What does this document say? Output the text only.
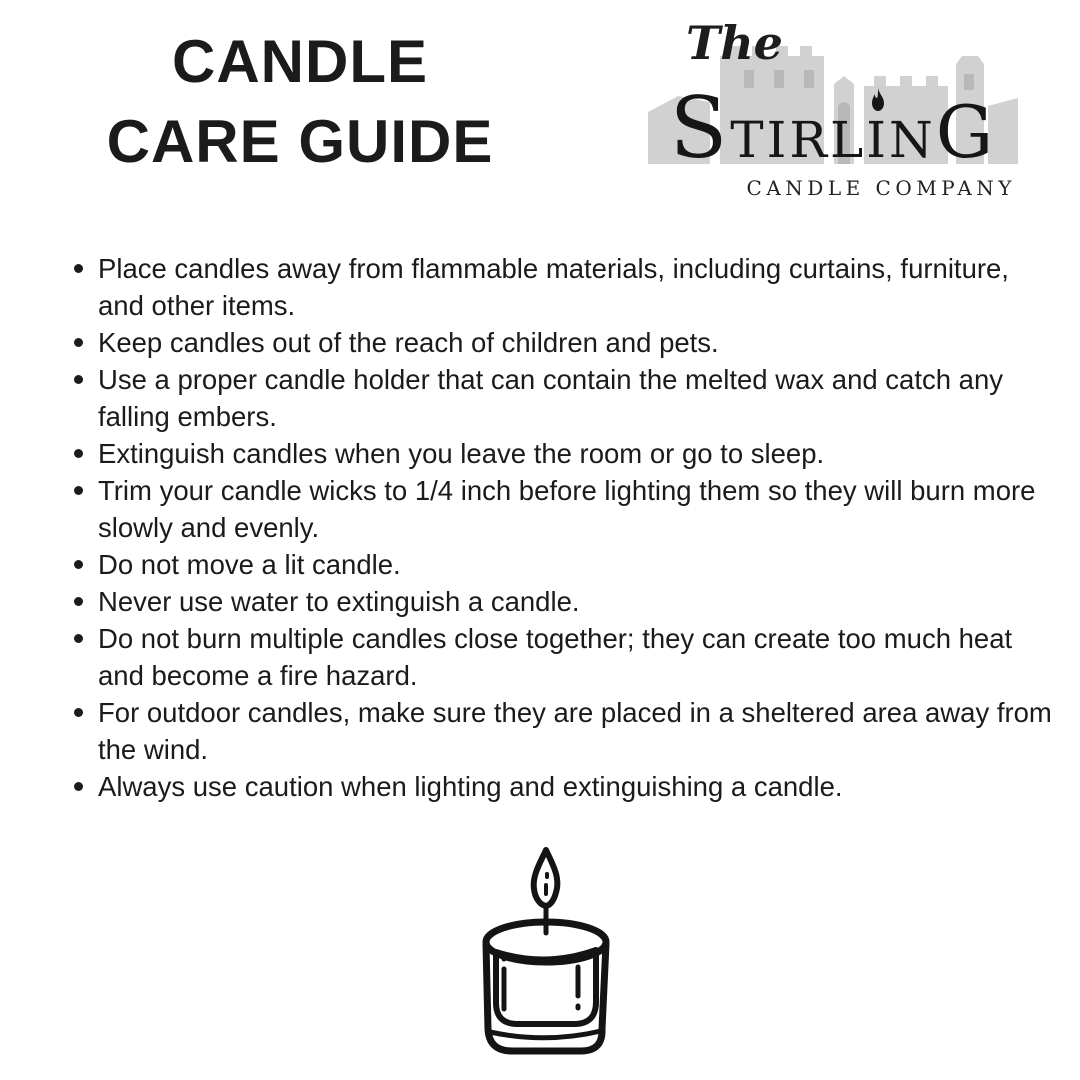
CANDLE
CARE GUIDE
The
S TIRL I N G
CANDLE COMPANY
Place candles away from flammable materials, including curtains, furniture, and other items.
Keep candles out of the reach of children and pets.
Use a proper candle holder that can contain the melted wax and catch any falling embers.
Extinguish candles when you leave the room or go to sleep.
Trim your candle wicks to 1/4 inch before lighting them so they will burn more slowly and evenly.
Do not move a lit candle.
Never use water to extinguish a candle.
Do not burn multiple candles close together; they can create too much heat and become a fire hazard.
For outdoor candles, make sure they are placed in a sheltered area away from the wind.
Always use caution when lighting and extinguishing a candle.
